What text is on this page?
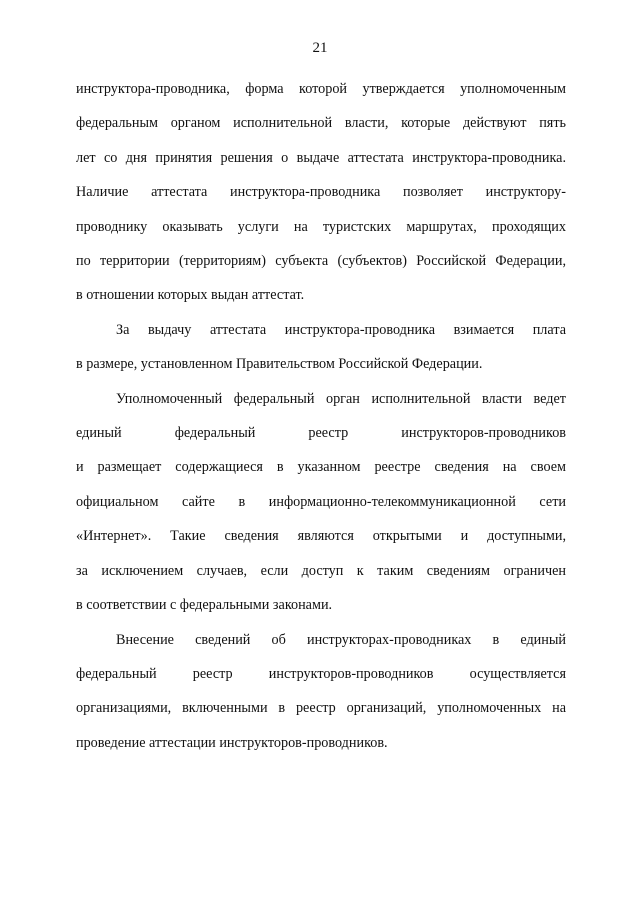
21

инструктора-проводника, форма которой утверждается уполномоченным
федеральным органом исполнительной власти, которые действуют пять
лет со дня принятия решения о выдаче аттестата инструктора-проводника.
Наличие аттестата инструктора-проводника позволяет инструктору-
проводнику оказывать услуги на туристских маршрутах, проходящих
по территории (территориям) субъекта (субъектов) Российской Федерации,
в отношении которых выдан аттестат.

За выдачу аттестата инструктора-проводника взимается плата
в размере, установленном Правительством Российской Федерации.

Уполномоченный федеральный орган исполнительной власти ведет
единый федеральный реестр инструкторов-проводников
и размещает содержащиеся в указанном реестре сведения на своем
официальном сайте в информационно-телекоммуникационной сети
«Интернет». Такие сведения являются открытыми и доступными,
за исключением случаев, если доступ к таким сведениям ограничен
в соответствии с федеральными законами.

Внесение сведений об инструкторах-проводниках в единый
федеральный реестр инструкторов-проводников осуществляется
организациями, включенными в реестр организаций, уполномоченных на
проведение аттестации инструкторов-проводников.
